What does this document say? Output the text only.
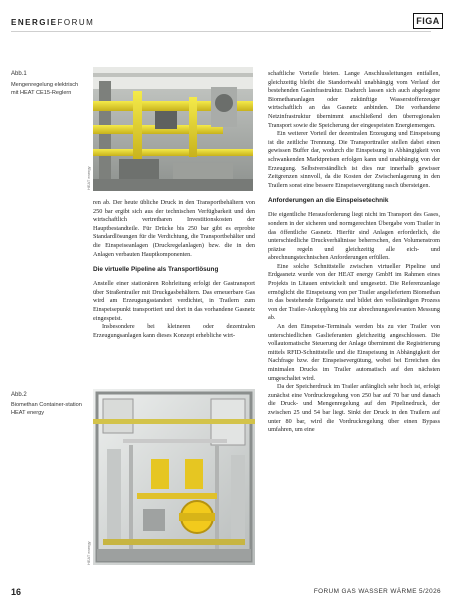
ENERGIEFORUM	FIGA
Abb.1
Mengenregelung elektrisch mit HEAT CE15-Reglern
HEAT energy

ren ab. Der heute übliche Druck in den Transportbehältern von 250 bar ergibt sich aus der technischen Verfügbarkeit und den wirtschaftlich vertretbaren Investitionskosten der Hauptbestandteile. Für Drücke bis 250 bar gibt es erprobte Standardlösungen für die Verdichtung, die Transportbehälter und die Einspeiseanlagen (Druckregelanlagen) bzw. die in den Anlagen verbauten Hauptkomponenten.

Die virtuelle Pipeline als Transportlösung

Anstelle einer stationären Rohrleitung erfolgt der Gastransport über Straßentrailer mit Druckgasbehältern. Das erneuerbare Gas wird am Erzeugungsstandort verdichtet, in Trailern zum Einspeisepunkt transportiert und dort in das vorhandene Gasnetz eingespeist.

Insbesondere bei kleineren oder dezentralen Erzeugungsanlagen kann dieses Konzept erhebliche wirt-

Abb.2
Biomethan Container-station HEAT energy
HEAT energy

schaftliche Vorteile bieten. Lange Anschlussleitungen entfallen, gleichzeitig bleibt die Standortwahl unabhängig vom Verlauf der bestehenden Gasinfrastruktur. Dadurch lassen sich auch abgelegene Biomethananlagen oder zukünftige Wasserstofferzeuger wirtschaftlich an das Gasnetz anbinden. Die vorhandene Netzinfrastruktur übernimmt anschließend den überregionalen Transport sowie die Speicherung der eingespeisten Energiemengen.

Ein weiterer Vorteil der dezentralen Erzeugung und Einspeisung ist die zeitliche Trennung. Die Transporttrailer stellen dabei einen gewissen Buffer dar, wodurch die Einspeisung in Abhängigkeit von schwankenden Marktpreisen erfolgen kann und unabhängig von der Erzeugung. Selbstverständlich ist dies nur innerhalb gewisser Zeitgrenzen sinnvoll, da die Kosten der Zwischenlagerung in den Trailern sonst eine bessere Einspeisevergütung rasch übersteigen.

Anforderungen an die Einspeisetechnik

Die eigentliche Herausforderung liegt nicht im Transport des Gases, sondern in der sicheren und normgerechten Übergabe vom Trailer in das öffentliche Gasnetz. Hierfür sind Anlagen erforderlich, die unterschiedliche Druckverhältnisse beherrschen, den Volumenstrom präzise regeln und gleichzeitig alle eich- und abrechnungstechnischen Anforderungen erfüllen.

Eine solche Schnittstelle zwischen virtueller Pipeline und Erdgasnetz wurde von der HEAT energy GmbH im Rahmen eines Projekts in Litauen entwickelt und umgesetzt. Die Referenzanlage ermöglicht die Einspeisung von per Trailer angeliefertem Biomethan in das bestehende Erdgasnetz und bildet den vollständigen Prozess von der Trailer-Ankopplung bis zur abrechnungsrelevanten Messung ab.

An den Einspeise-Terminals werden bis zu vier Trailer von unterschiedlichen Gaslieferanten gleichzeitig angeschlossen. Die vollautomatische Steuerung der Anlage übernimmt die Registrierung mittels RFID-Schnittstelle und die Einspeisung in Abhängigkeit der Nachfrage bzw. der Einspeisevergütung, wobei bei Erreichen des minimalen Drucks im Trailer automatisch auf den nächsten umgeschaltet wird.

Da der Speicherdruck im Trailer anfänglich sehr hoch ist, erfolgt zunächst eine Vordruckregelung von 250 bar auf 70 bar und danach die Druck- und Mengenregelung auf den Pipelinedruck, der zwischen 25 und 54 bar liegt. Sinkt der Druck in den Trailern auf unter 80 bar, wird die Vordruckregelung über einen Bypass umfahren, um eine

16	FORUM GAS WASSER WÄRME 5/2026
